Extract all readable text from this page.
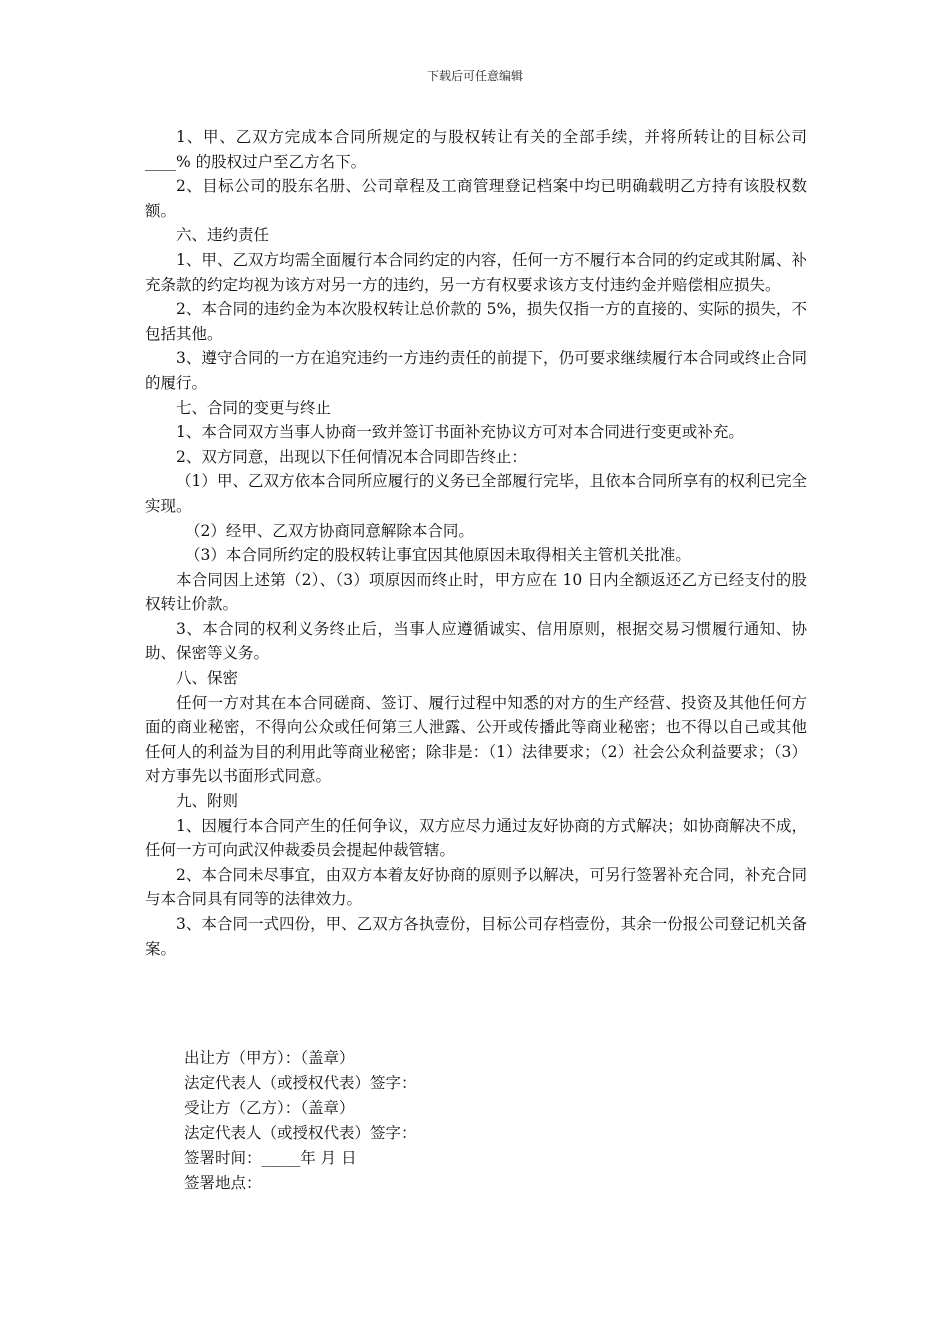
下载后可任意编辑

1、甲、乙双方完成本合同所规定的与股权转让有关的全部手续，并将所转让的目标公司____% 的股权过户至乙方名下。

2、目标公司的股东名册、公司章程及工商管理登记档案中均已明确载明乙方持有该股权数额。

六、违约责任

1、甲、乙双方均需全面履行本合同约定的内容，任何一方不履行本合同的约定或其附属、补充条款的约定均视为该方对另一方的违约，另一方有权要求该方支付违约金并赔偿相应损失。

2、本合同的违约金为本次股权转让总价款的 5%，损失仅指一方的直接的、实际的损失，不包括其他。

3、遵守合同的一方在追究违约一方违约责任的前提下，仍可要求继续履行本合同或终止合同的履行。

七、合同的变更与终止

1、本合同双方当事人协商一致并签订书面补充协议方可对本合同进行变更或补充。

2、双方同意，出现以下任何情况本合同即告终止：

（1）甲、乙双方依本合同所应履行的义务已全部履行完毕，且依本合同所享有的权利已完全实现。

（2）经甲、乙双方协商同意解除本合同。

（3）本合同所约定的股权转让事宜因其他原因未取得相关主管机关批准。

本合同因上述第（2）、（3）项原因而终止时，甲方应在 10 日内全额返还乙方已经支付的股权转让价款。

3、本合同的权利义务终止后，当事人应遵循诚实、信用原则，根据交易习惯履行通知、协助、保密等义务。

八、保密

任何一方对其在本合同磋商、签订、履行过程中知悉的对方的生产经营、投资及其他任何方面的商业秘密，不得向公众或任何第三人泄露、公开或传播此等商业秘密；也不得以自己或其他任何人的利益为目的利用此等商业秘密；除非是：（1）法律要求；（2）社会公众利益要求；（3）对方事先以书面形式同意。

九、附则

1、因履行本合同产生的任何争议，双方应尽力通过友好协商的方式解决；如协商解决不成，任何一方可向武汉仲裁委员会提起仲裁管辖。

2、本合同未尽事宜，由双方本着友好协商的原则予以解决，可另行签署补充合同，补充合同与本合同具有同等的法律效力。

3、本合同一式四份，甲、乙双方各执壹份，目标公司存档壹份，其余一份报公司登记机关备案。

出让方（甲方）：（盖章）

法定代表人（或授权代表）签字：

受让方（乙方）：（盖章）

法定代表人（或授权代表）签字：

签署时间：_____年 月 日

签署地点：
